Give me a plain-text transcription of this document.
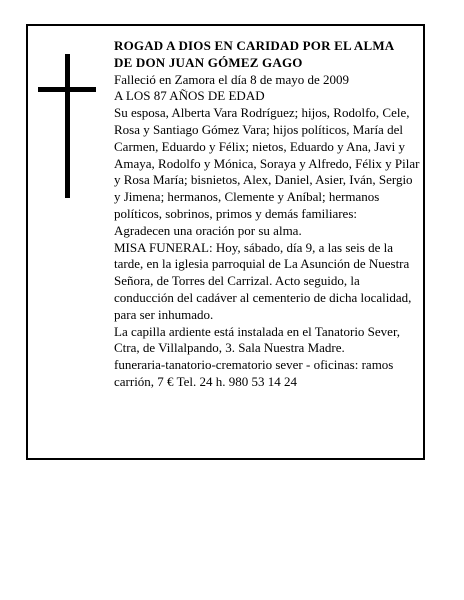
ROGAD A DIOS EN CARIDAD POR EL ALMA

DE DON JUAN GÓMEZ GAGO

Falleció en Zamora el día 8 de mayo de 2009

A LOS 87 AÑOS DE EDAD

Su esposa, Alberta Vara Rodríguez; hijos, Rodolfo, Cele, Rosa y Santiago Gómez Vara; hijos políticos, María del Carmen, Eduardo y Félix; nietos, Eduardo y Ana, Javi y Amaya, Rodolfo y Mónica, Soraya y Alfredo, Félix y Pilar y Rosa María; bisnietos, Alex, Daniel, Asier, Iván, Sergio y Jimena; hermanos, Clemente y Aníbal; hermanos políticos, sobrinos, primos y demás familiares:

Agradecen una oración por su alma.

MISA FUNERAL: Hoy, sábado, día 9, a las seis de la tarde, en la iglesia parroquial de La Asunción de Nuestra Señora, de Torres del Carrizal. Acto seguido, la conducción del cadáver al cementerio de dicha localidad, para ser inhumado.

La capilla ardiente está instalada en el Tanatorio Sever, Ctra, de Villalpando, 3. Sala Nuestra Madre.

funeraria-tanatorio-crematorio sever - oficinas: ramos carrión, 7 € Tel. 24 h. 980 53 14 24
